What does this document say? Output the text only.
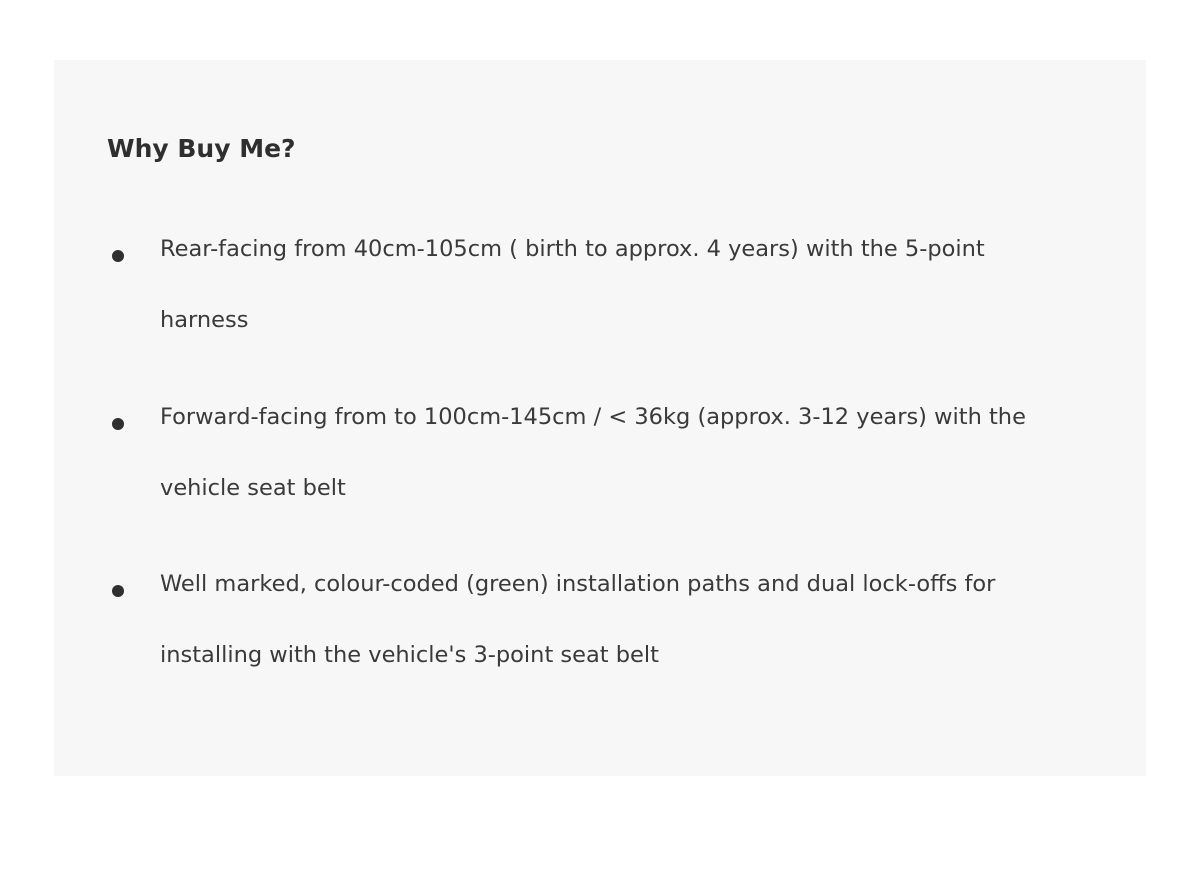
Why Buy Me?

Rear-facing from 40cm-105cm ( birth to approx. 4 years) with the 5-point
harness

Forward-facing from to 100cm-145cm / < 36kg (approx. 3-12 years) with the
vehicle seat belt

Well marked, colour-coded (green) installation paths and dual lock-offs for
installing with the vehicle's 3-point seat belt
